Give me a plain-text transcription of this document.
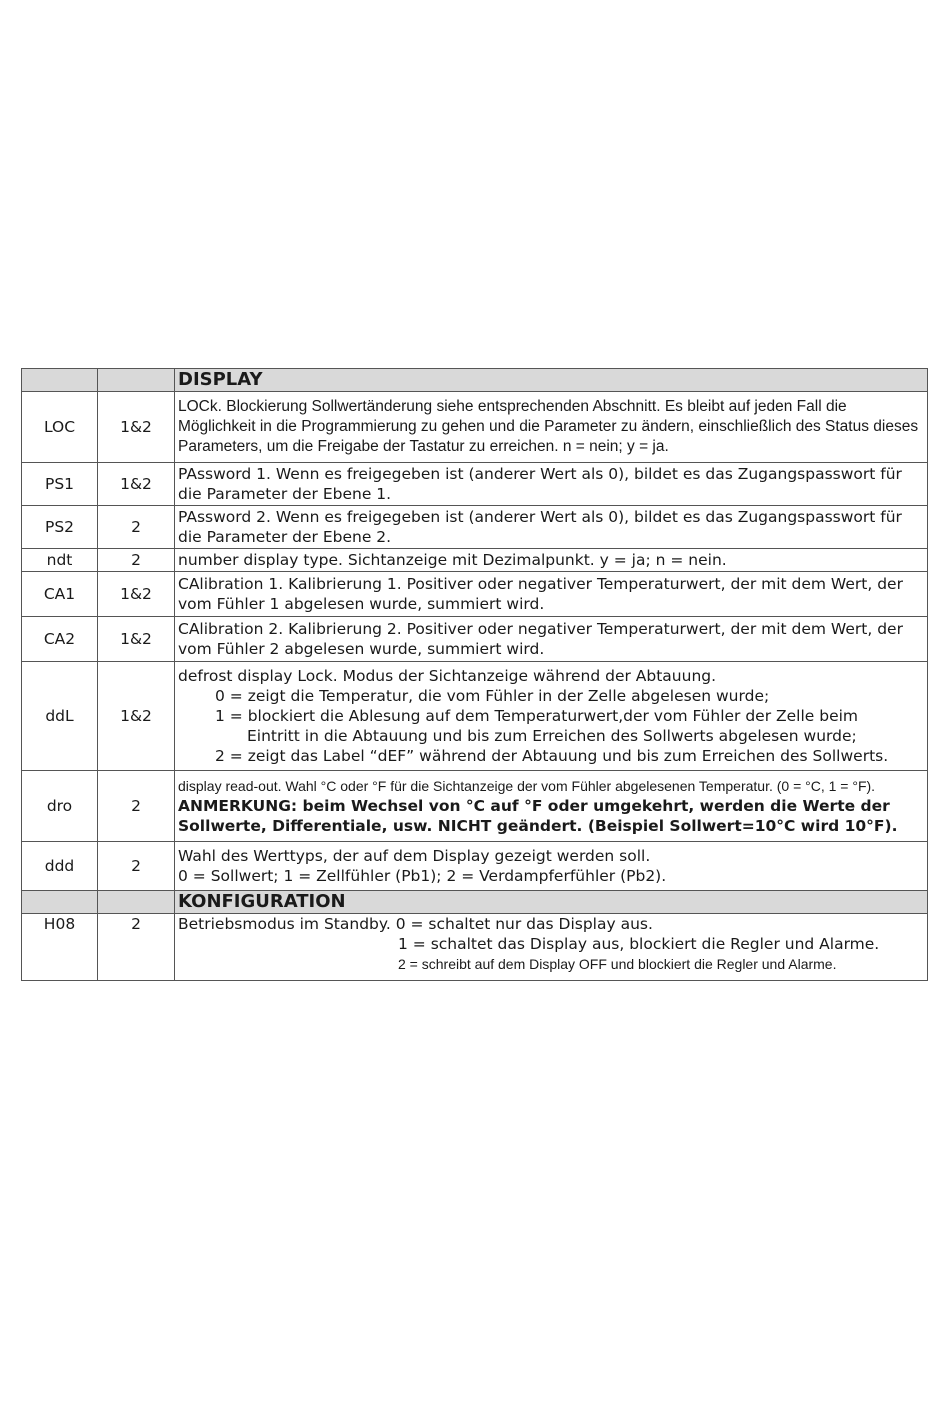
		DISPLAY
LOC	1&2	LOCk. Blockierung Sollwertänderung siehe entsprechenden Abschnitt. Es bleibt auf jeden Fall die Möglichkeit in die Programmierung zu gehen und die Parameter zu ändern, einschließlich des Status dieses Parameters, um die Freigabe der Tastatur zu erreichen. n = nein; y = ja.
PS1	1&2	PAssword 1. Wenn es freigegeben ist (anderer Wert als 0), bildet es das Zugangspasswort für die Parameter der Ebene 1.
PS2	2	PAssword 2. Wenn es freigegeben ist (anderer Wert als 0), bildet es das Zugangspasswort für die Parameter der Ebene 2.
ndt	2	number display type. Sichtanzeige mit Dezimalpunkt. y = ja; n = nein.
CA1	1&2	CAlibration 1. Kalibrierung 1. Positiver oder negativer Temperaturwert, der mit dem Wert, der vom Fühler 1 abgelesen wurde, summiert wird.
CA2	1&2	CAlibration 2. Kalibrierung 2. Positiver oder negativer Temperaturwert, der mit dem Wert, der vom Fühler 2 abgelesen wurde, summiert wird.
ddL	1&2	defrost display Lock. Modus der Sichtanzeige während der Abtauung.
0 = zeigt die Temperatur, die vom Fühler in der Zelle abgelesen wurde;
1 = blockiert die Ablesung auf dem Temperaturwert,der vom Fühler der Zelle beim
Eintritt in die Abtauung und bis zum Erreichen des Sollwerts abgelesen wurde;
2 = zeigt das Label “dEF” während der Abtauung und bis zum Erreichen des Sollwerts.

dro	2	display read-out. Wahl °C oder °F für die Sichtanzeige der vom Fühler abgelesenen Temperatur. (0 = °C, 1 = °F).
ANMERKUNG: beim Wechsel von °C auf °F oder umgekehrt, werden die Werte der Sollwerte, Differentiale, usw. NICHT geändert. (Beispiel Sollwert=10°C wird 10°F).
ddd	2	Wahl des Werttyps, der auf dem Display gezeigt werden soll.
0 = Sollwert; 1 = Zellfühler (Pb1); 2 = Verdampferfühler (Pb2).

		KONFIGURATION
H08	2	Betriebsmodus im Standby. 0 = schaltet nur das Display aus.
1 = schaltet das Display aus, blockiert die Regler und Alarme.
2 = schreibt auf dem Display OFF und blockiert die Regler und Alarme.
